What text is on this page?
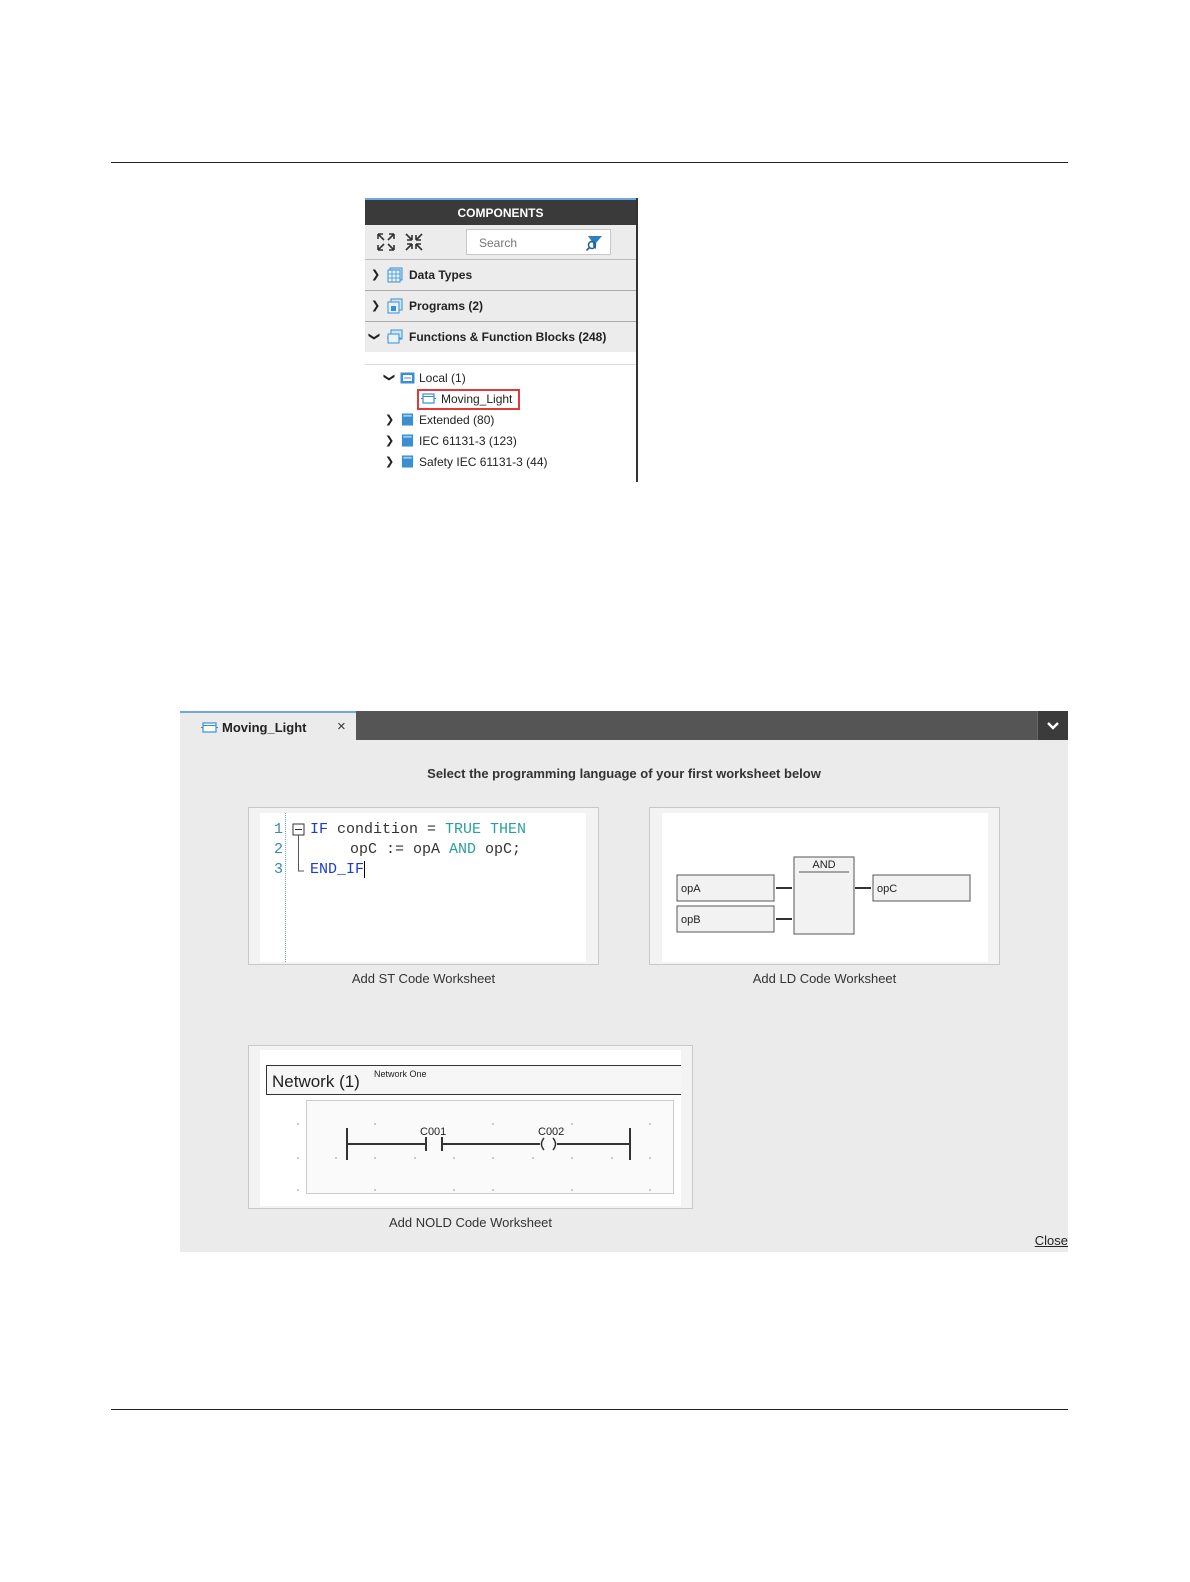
COMPONENTS
Search
❯ Data Types
❯ Programs (2)
❯ Functions & Function Blocks (248)
❯ Local (1)
Moving_Light
❯ Extended (80)
❯ IEC 61131-3 (123)
❯ Safety IEC 61131-3 (44)
Moving_Light ×
Select the programming language of your first worksheet below
1
2
3
IF condition = TRUE THEN
opC := opA AND opC;
END_IF
Add ST Code Worksheet
opA
opB
AND
opC
Add LD Code Worksheet
Network (1) Network One
C001	C002
Add NOLD Code Worksheet
Close
